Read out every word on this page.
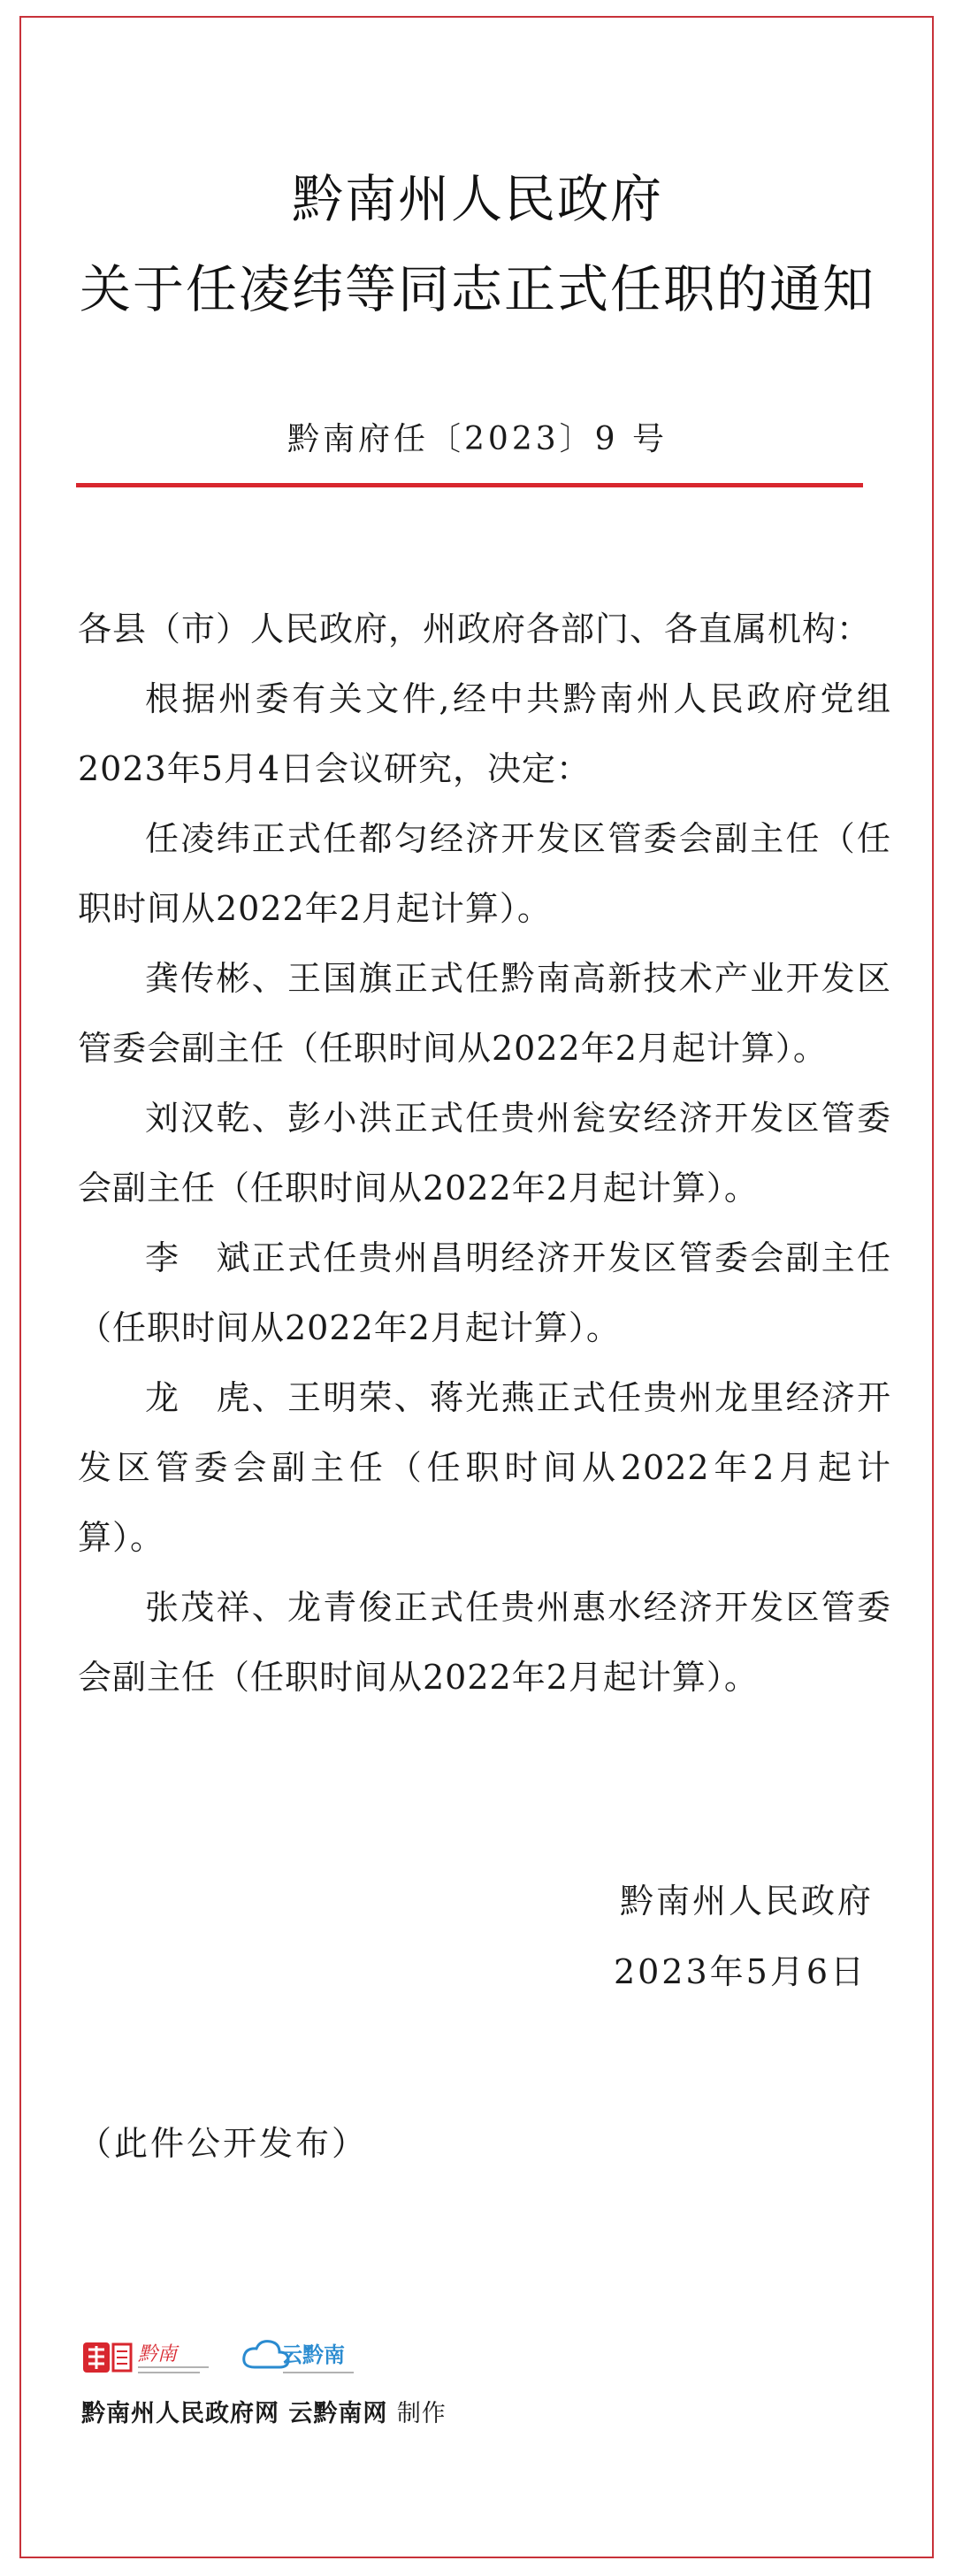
黔南州人民政府
关于任凌纬等同志正式任职的通知
黔南府任〔2023〕9 号

各县（市）人民政府，州政府各部门、各直属机构：

根据州委有关文件,经中共黔南州人民政府党组2023年5月4日会议研究，决定：

任凌纬正式任都匀经济开发区管委会副主任（任职时间从2022年2月起计算）。

龚传彬、王国旗正式任黔南高新技术产业开发区管委会副主任（任职时间从2022年2月起计算）。

刘汉乾、彭小洪正式任贵州瓮安经济开发区管委会副主任（任职时间从2022年2月起计算）。

李　斌正式任贵州昌明经济开发区管委会副主任（任职时间从2022年2月起计算）。

龙　虎、王明荣、蒋光燕正式任贵州龙里经济开发区管委会副主任（任职时间从2022年2月起计算）。

张茂祥、龙青俊正式任贵州惠水经济开发区管委会副主任（任职时间从2022年2月起计算）。

黔南州人民政府
2023年5月6日
（此件公开发布）
黔南	云黔南
黔南州人民政府网 云黔南网 制作
